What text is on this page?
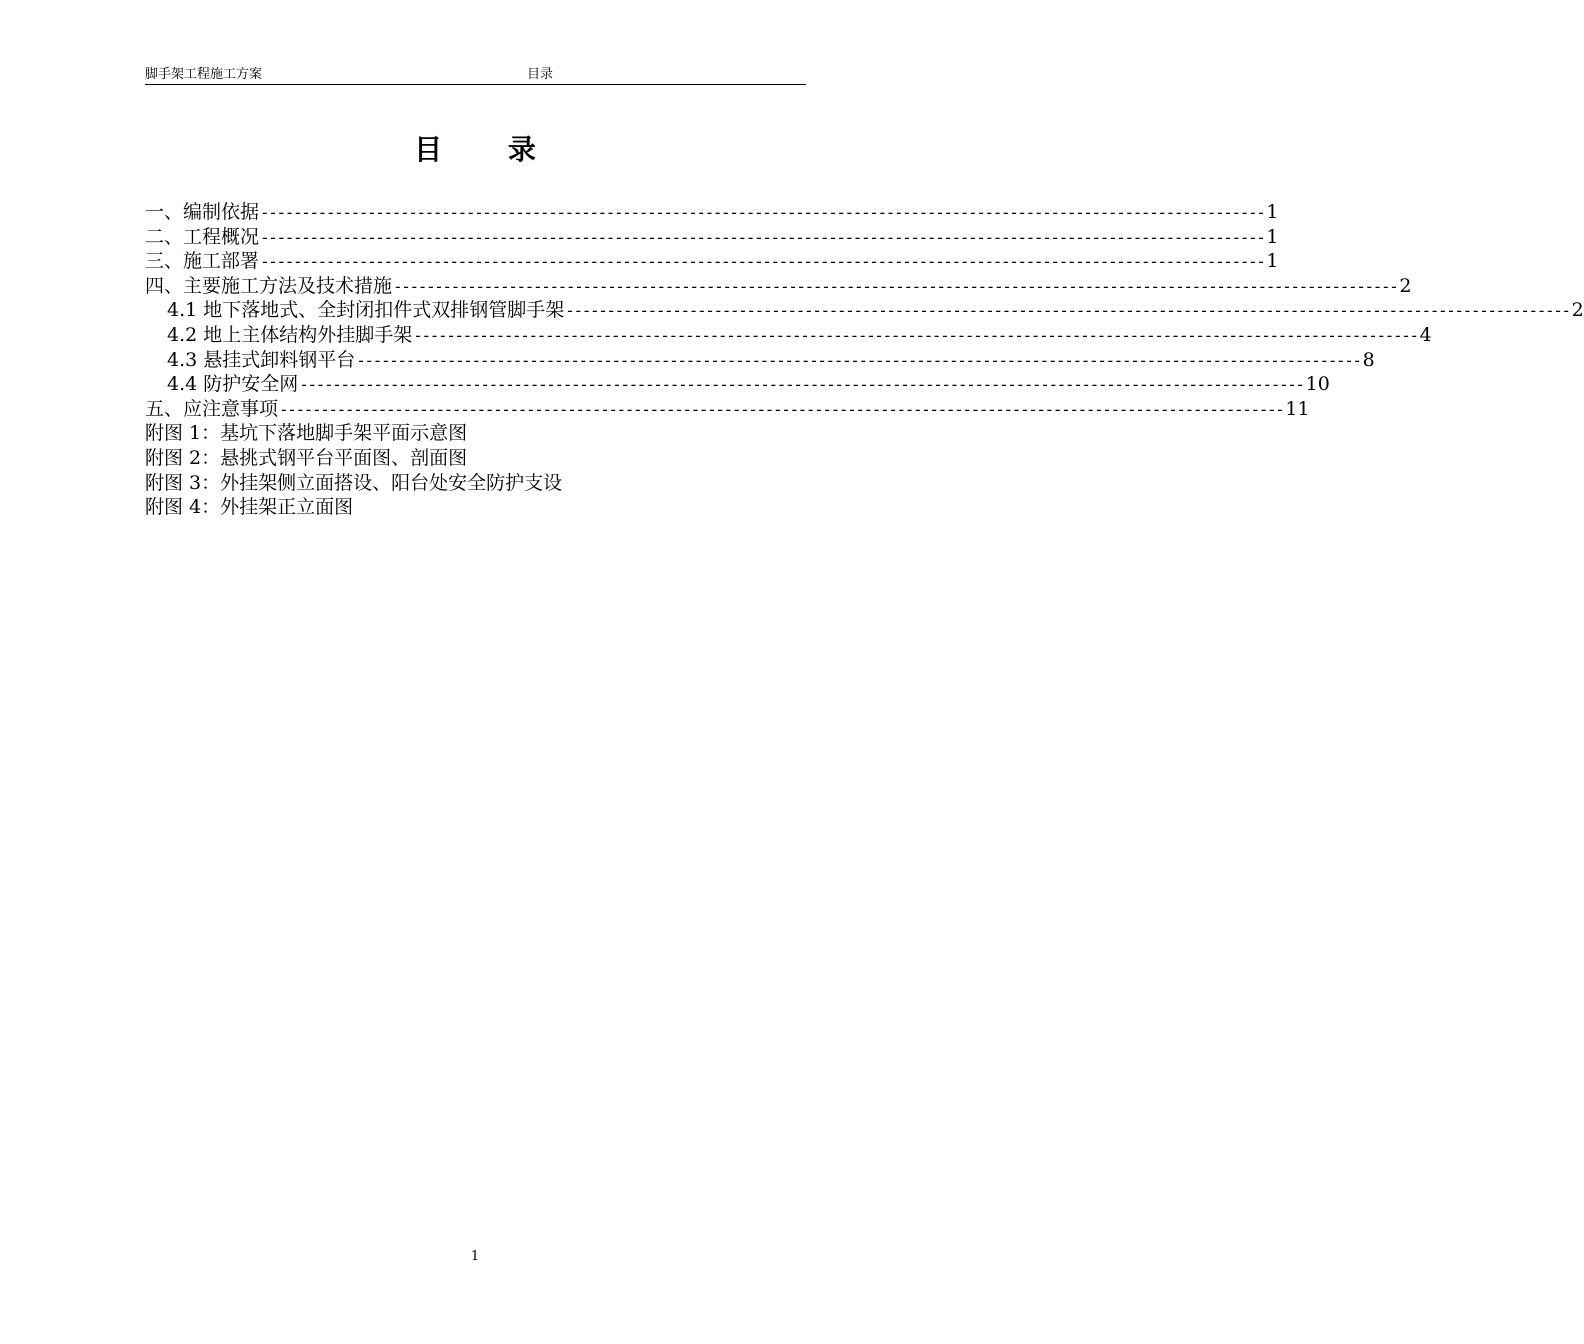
脚手架工程施工方案	目录
目 录
一、编制依据 -------------------------------------------------------------------------------------------------------------------------- 1
二、工程概况 -------------------------------------------------------------------------------------------------------------------------- 1
三、施工部署 -------------------------------------------------------------------------------------------------------------------------- 1
四、主要施工方法及技术措施 -------------------------------------------------------------------------------------------------------------------------- 2
4.1 地下落地式、全封闭扣件式双排钢管脚手架 -------------------------------------------------------------------------------------------------------------------------- 2
4.2 地上主体结构外挂脚手架 -------------------------------------------------------------------------------------------------------------------------- 4
4.3 悬挂式卸料钢平台 -------------------------------------------------------------------------------------------------------------------------- 8
4.4 防护安全网 -------------------------------------------------------------------------------------------------------------------------- 10
五、应注意事项 -------------------------------------------------------------------------------------------------------------------------- 11
附图 1：基坑下落地脚手架平面示意图
附图 2：悬挑式钢平台平面图、剖面图
附图 3：外挂架侧立面搭设、阳台处安全防护支设
附图 4：外挂架正立面图
1
